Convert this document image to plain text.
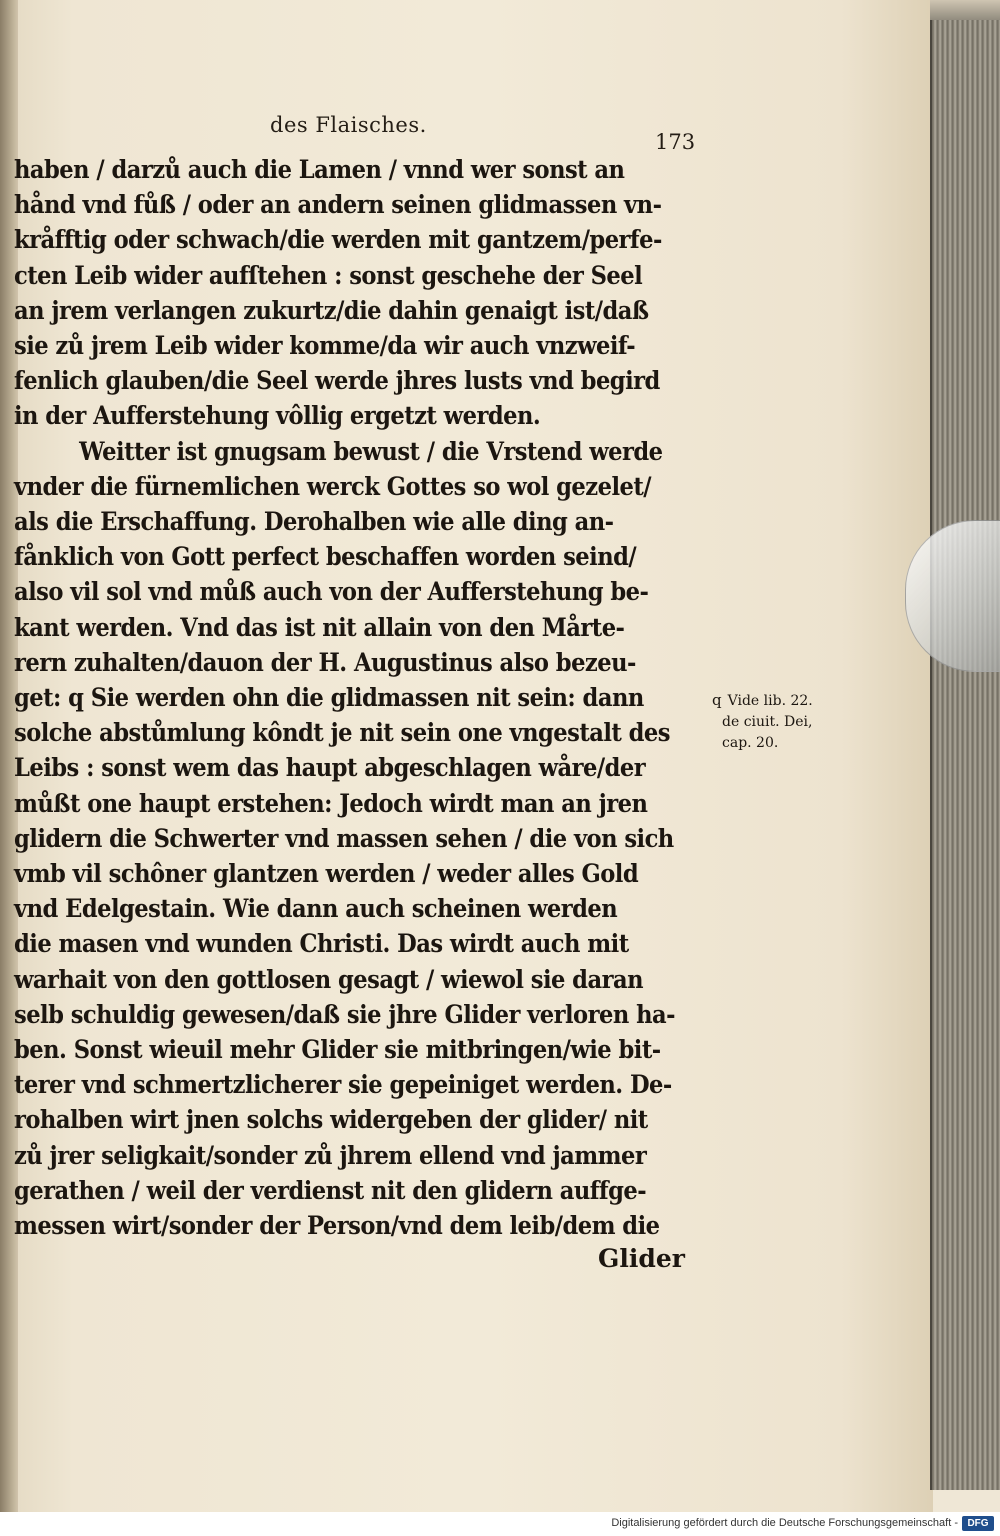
des Flaisches.
173
haben / darzů auch die Lamen / vnnd wer sonst an
hånd vnd fůß / oder an andern seinen glidmassen vn-
kråfftig oder schwach/die werden mit gantzem/perfe-
cten Leib wider aufſtehen : sonst geschehe der Seel
an jrem verlangen zukurtz/die dahin genaigt ist/daß
sie zů jrem Leib wider komme/da wir auch vnzweif-
fenlich glauben/die Seel werde jhres lusts vnd begird
in der Aufferstehung vôllig ergetzt werden.
Weitter ist gnugsam bewust / die Vrstend werde
vnder die fürnemlichen werck Gottes so wol gezelet/
als die Erschaffung. Derohalben wie alle ding an-
fånklich von Gott perfect beschaffen worden seind/
also vil sol vnd můß auch von der Aufferstehung be-
kant werden. Vnd das ist nit allain von den Mårte-
rern zuhalten/dauon der H. Augustinus also bezeu-
get: q Sie werden ohn die glidmassen nit sein: dann
solche abstůmlung kôndt je nit sein one vngestalt des
Leibs : sonst wem das haupt abgeschlagen wåre/der
můßt one haupt erstehen: Jedoch wirdt man an jren
glidern die Schwerter vnd massen sehen / die von sich
vmb vil schôner glantzen werden / weder alles Gold
vnd Edelgestain. Wie dann auch scheinen werden
die masen vnd wunden Christi. Das wirdt auch mit
warhait von den gottlosen gesagt / wiewol sie daran
selb schuldig gewesen/daß sie jhre Glider verloren ha-
ben. Sonst wieuil mehr Glider sie mitbringen/wie bit-
terer vnd schmertzlicherer sie gepeiniget werden. De-
rohalben wirt jnen solchs widergeben der glider/ nit
zů jrer seligkait/sonder zů jhrem ellend vnd jammer
gerathen / weil der verdienst nit den glidern auffge-
messen wirt/sonder der Person/vnd dem leib/dem die
Glider
q Vide lib. 22.
de ciuit. Dei,
cap. 20.
Digitalisierung gefördert durch die Deutsche Forschungsgemeinschaft - DFG
